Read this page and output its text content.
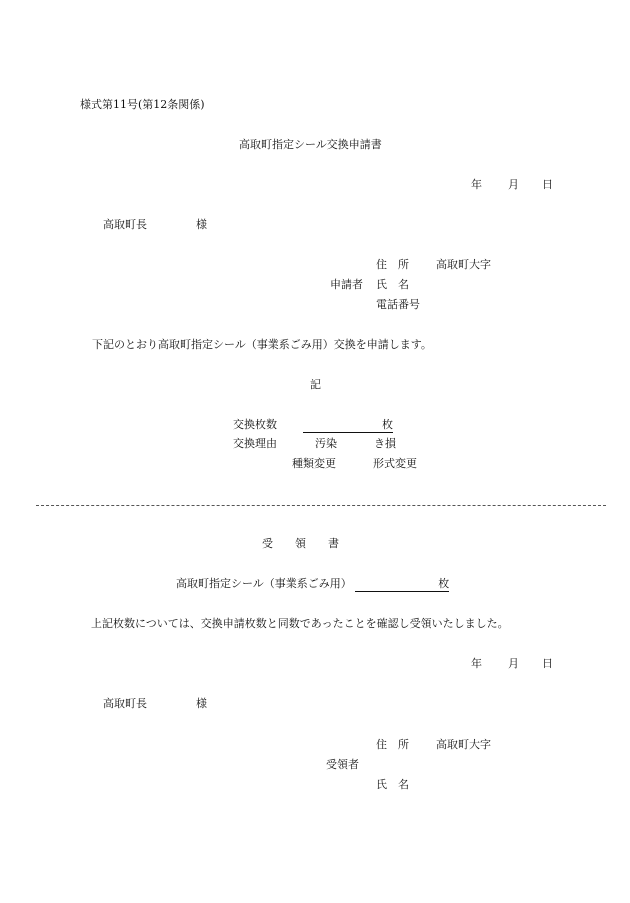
様式第11号(第12条関係)
高取町指定シール交換申請書
年 月 日
高取町長	様
住　所 高取町大字
申請者 氏　名
電話番号
下記のとおり高取町指定シール（事業系ごみ用）交換を申請します。
記
交換枚数	枚
交換理由	汚染	き損
種類変更	形式変更
受　　領　　書
高取町指定シール（事業系ごみ用）	枚
上記枚数については、交換申請枚数と同数であったことを確認し受領いたしました。
年 月 日
高取町長	様
住　所 高取町大字
受領者
氏　名
